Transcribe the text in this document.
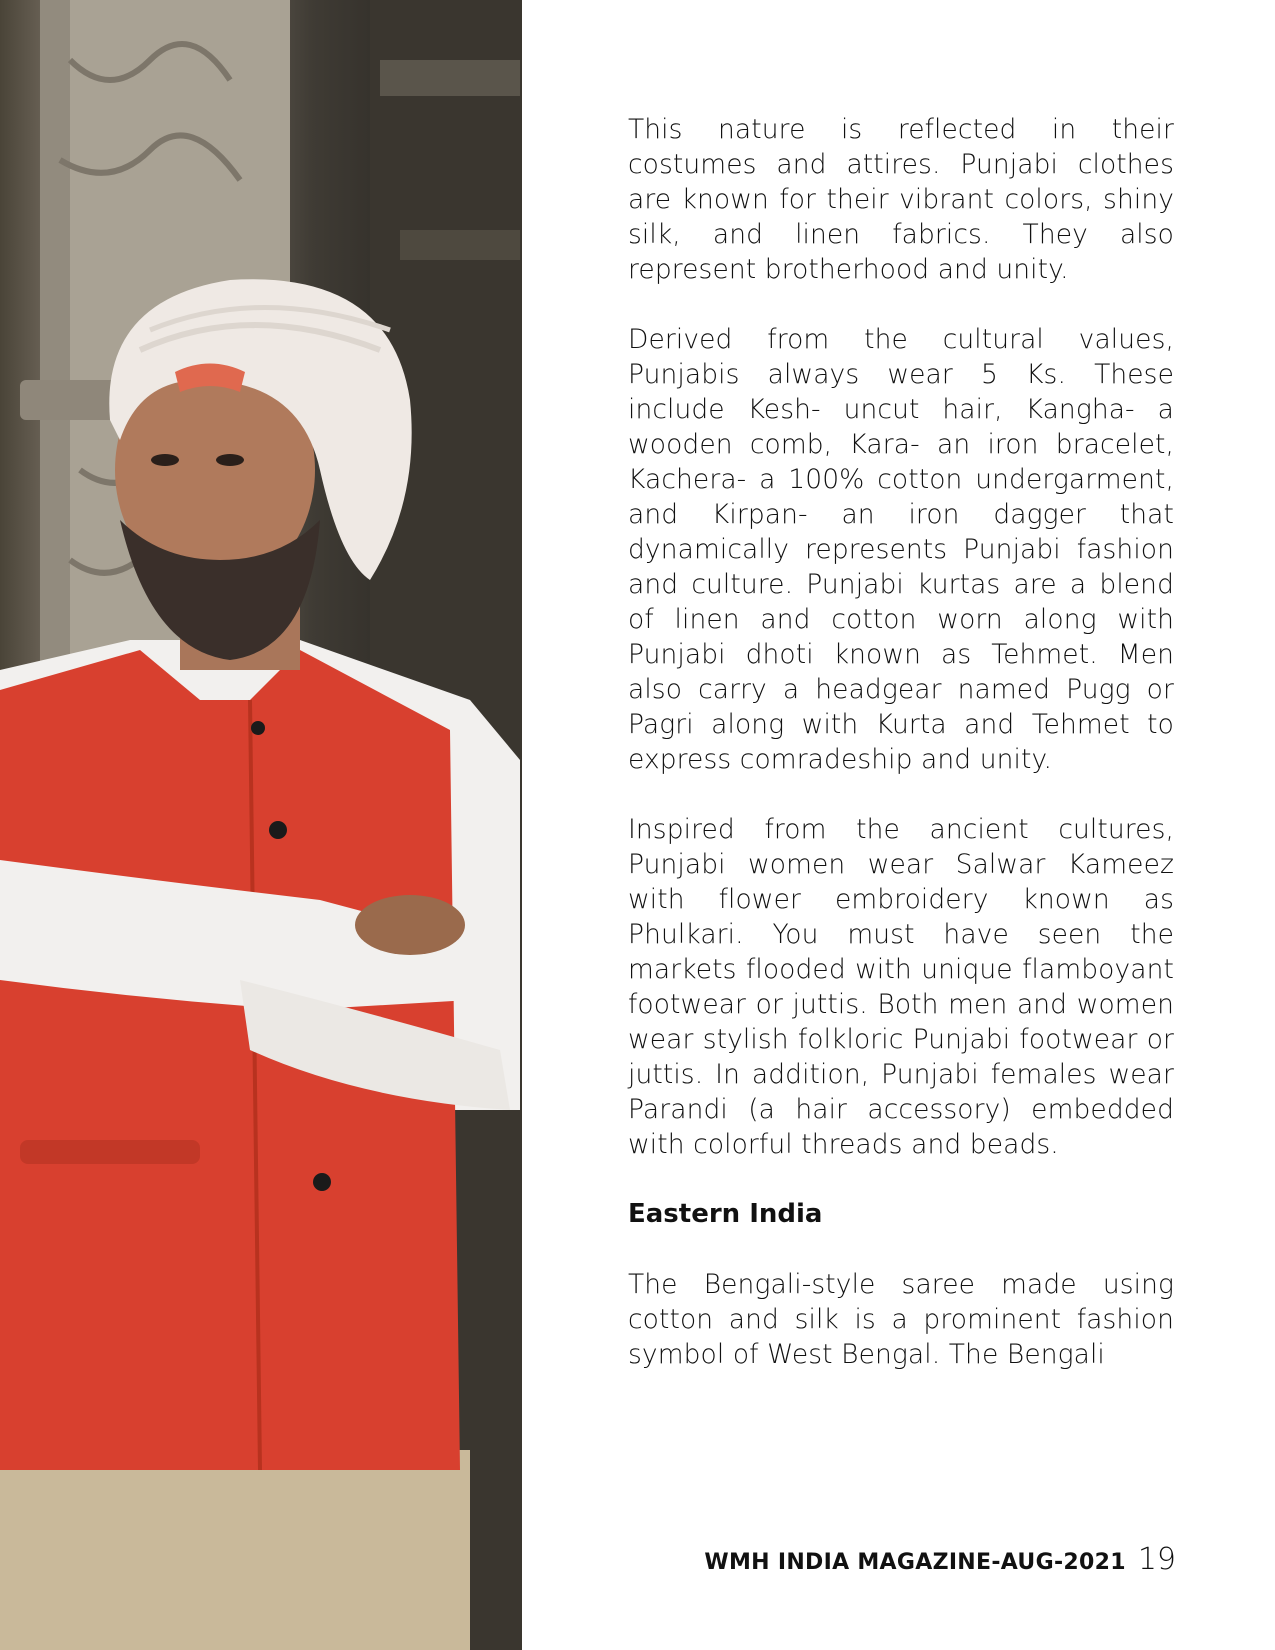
This nature is reflected in their costumes and attires. Punjabi clothes are known for their vibrant colors, shiny silk, and linen fabrics. They also represent brotherhood and unity.

Derived from the cultural values, Punjabis always wear 5 Ks. These include Kesh- uncut hair, Kangha- a wooden comb, Kara- an iron bracelet, Kachera- a 100% cotton undergarment, and Kirpan- an iron dagger that dynamically represents Punjabi fashion and culture. Punjabi kurtas are a blend of linen and cotton worn along with Punjabi dhoti known as Tehmet. Men also carry a headgear named Pugg or Pagri along with Kurta and Tehmet to express comradeship and unity.

Inspired from the ancient cultures, Punjabi women wear Salwar Kameez with flower embroidery known as Phulkari. You must have seen the markets flooded with unique flamboyant footwear or juttis. Both men and women wear stylish folkloric Punjabi footwear or juttis. In addition, Punjabi females wear Parandi (a hair accessory) embedded with colorful threads and beads.

Eastern India

The Bengali-style saree made using cotton and silk is a prominent fashion symbol of West Bengal. The Bengali

WMH INDIA MAGAZINE-AUG-2021 19
